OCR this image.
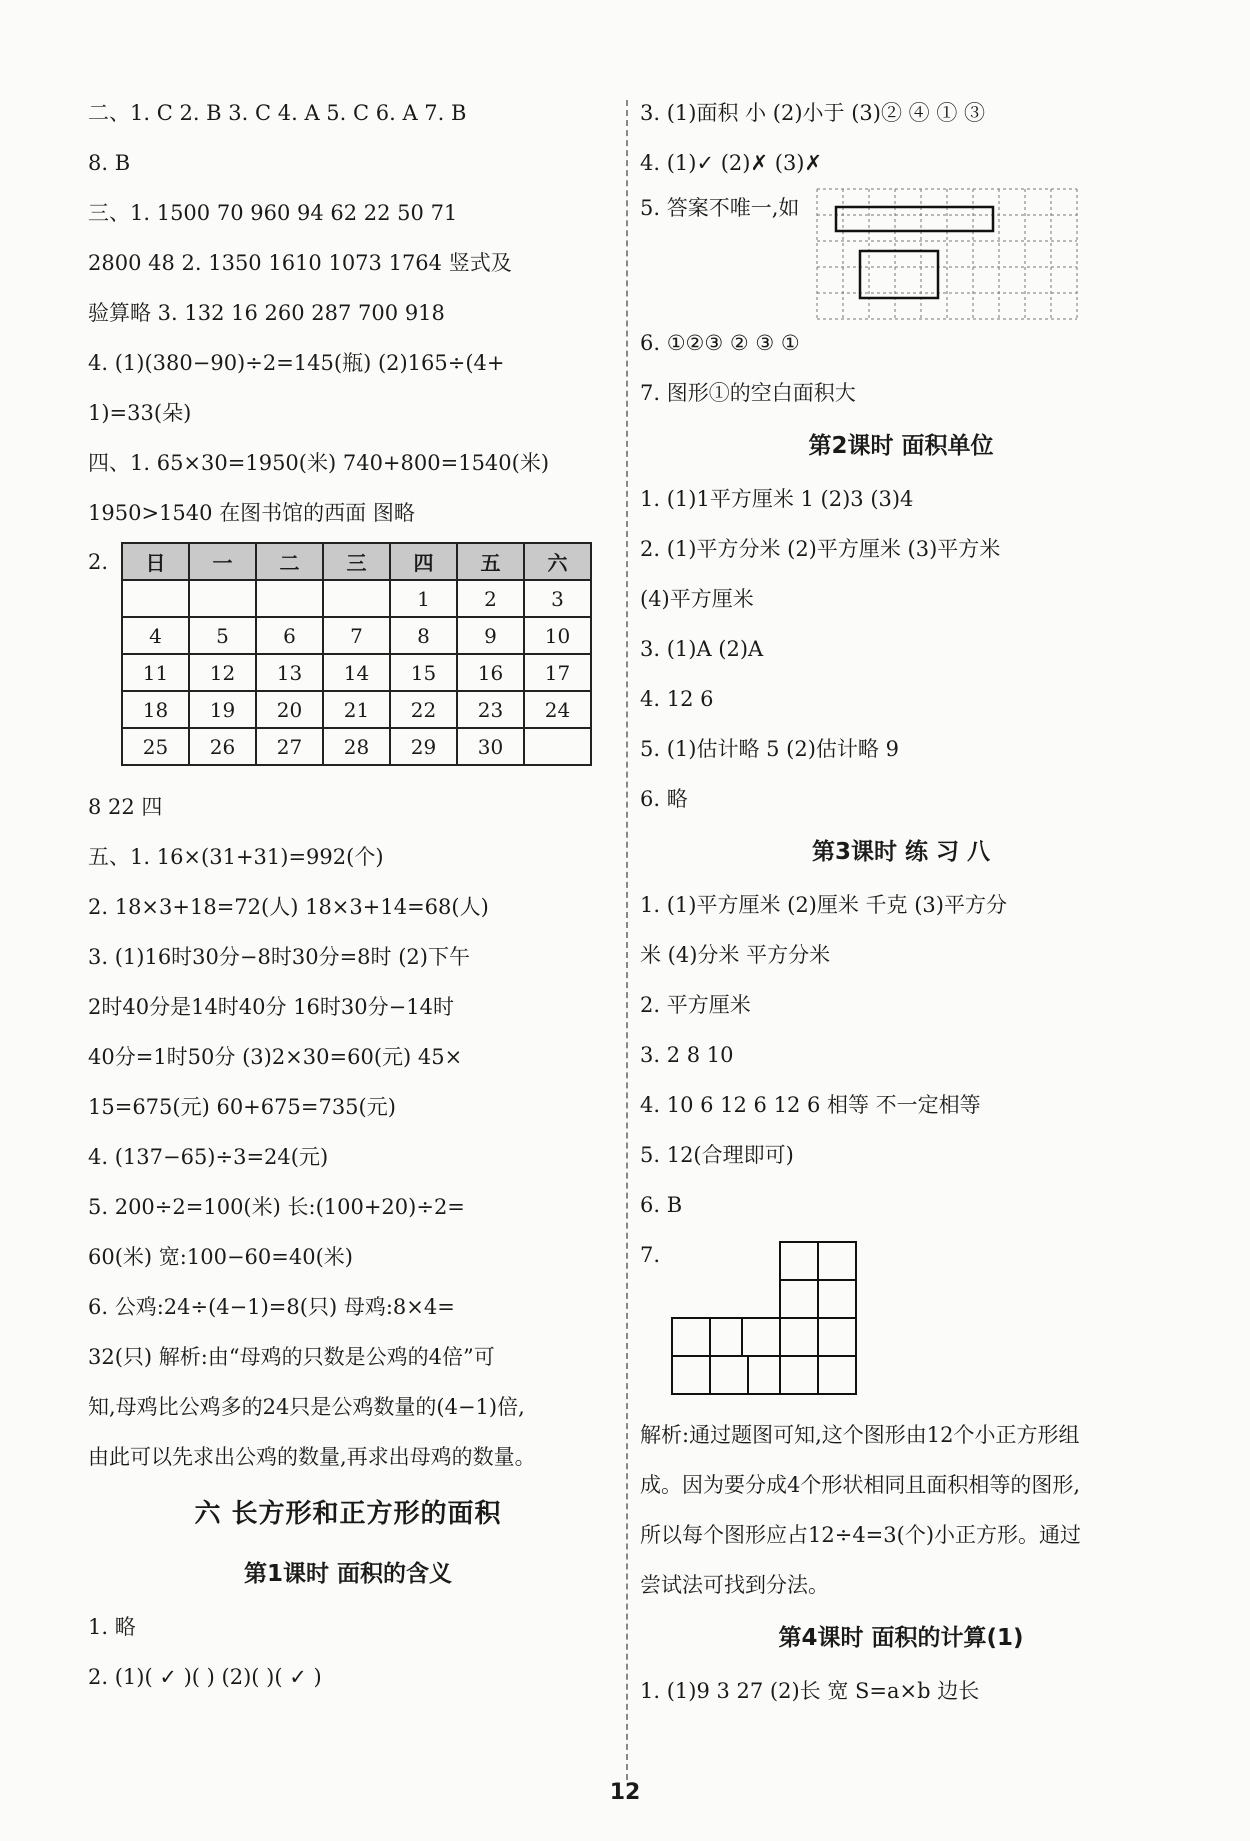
二、1. C 2. B 3. C 4. A 5. C 6. A 7. B
8. B
三、1. 1500 70 960 94 62 22 50 71
2800 48 2. 1350 1610 1073 1764 竖式及
验算略 3. 132 16 260 287 700 918
4. (1)(380−90)÷2=145(瓶) (2)165÷(4+
1)=33(朵)
四、1. 65×30=1950(米) 740+800=1540(米)
1950>1540 在图书馆的西面 图略
2. 日	一	二	三	四	五	六
				1	2	3
4	5	6	7	8	9	10
11	12	13	14	15	16	17
18	19	20	21	22	23	24
25	26	27	28	29	30	
8 22 四
五、1. 16×(31+31)=992(个)
2. 18×3+18=72(人) 18×3+14=68(人)
3. (1)16时30分−8时30分=8时 (2)下午
2时40分是14时40分 16时30分−14时
40分=1时50分 (3)2×30=60(元) 45×
15=675(元) 60+675=735(元)
4. (137−65)÷3=24(元)
5. 200÷2=100(米) 长:(100+20)÷2=
60(米) 宽:100−60=40(米)
6. 公鸡:24÷(4−1)=8(只) 母鸡:8×4=
32(只) 解析:由“母鸡的只数是公鸡的4倍”可
知,母鸡比公鸡多的24只是公鸡数量的(4−1)倍,
由此可以先求出公鸡的数量,再求出母鸡的数量。
六 长方形和正方形的面积
第1课时 面积的含义
1. 略
2. (1)( ✓ )( ) (2)( )( ✓ )
3. (1)面积 小 (2)小于 (3)② ④ ① ③
4. (1)✓ (2)✗ (3)✗
5. 答案不唯一,如
6. ①②③ ② ③ ①
7. 图形①的空白面积大
第2课时 面积单位
1. (1)1平方厘米 1 (2)3 (3)4
2. (1)平方分米 (2)平方厘米 (3)平方米
(4)平方厘米
3. (1)A (2)A
4. 12 6
5. (1)估计略 5 (2)估计略 9
6. 略
第3课时 练 习 八
1. (1)平方厘米 (2)厘米 千克 (3)平方分
米 (4)分米 平方分米
2. 平方厘米
3. 2 8 10
4. 10 6 12 6 12 6 相等 不一定相等
5. 12(合理即可)
6. B
7.
解析:通过题图可知,这个图形由12个小正方形组
成。因为要分成4个形状相同且面积相等的图形,
所以每个图形应占12÷4=3(个)小正方形。通过
尝试法可找到分法。
第4课时 面积的计算(1)
1. (1)9 3 27 (2)长 宽 S=a×b 边长
12
